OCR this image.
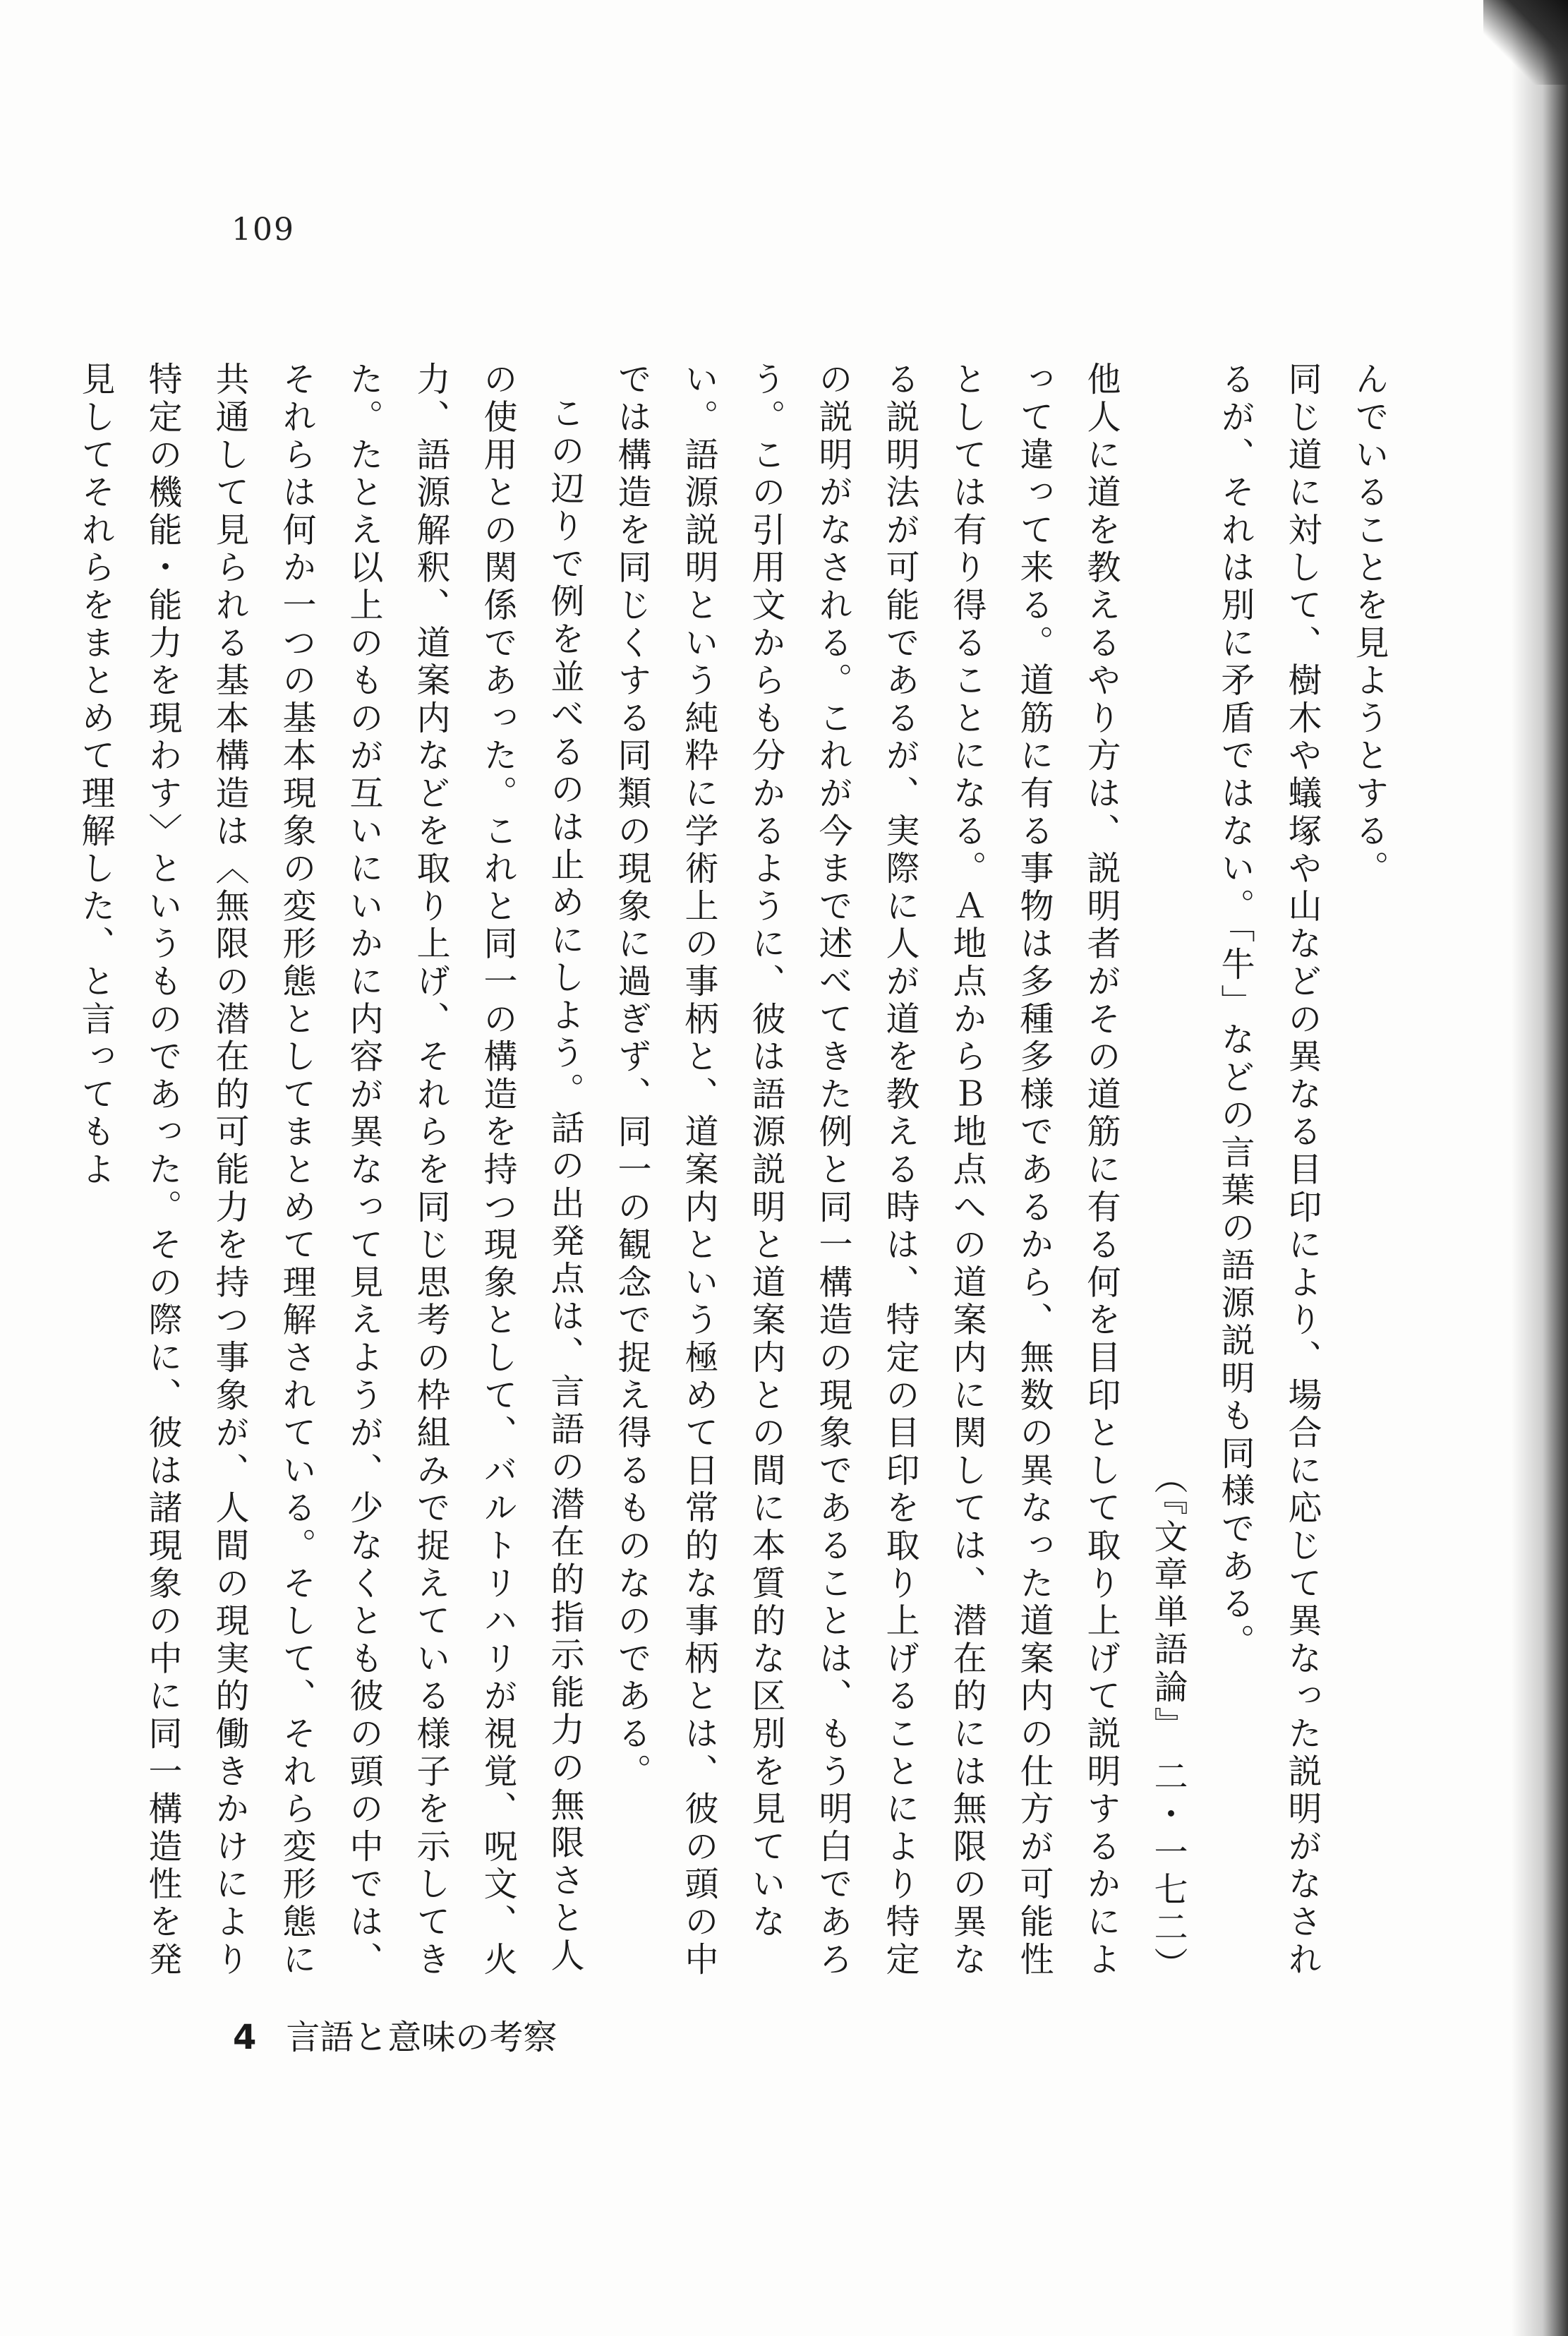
109

んでいることを見ようとする。

同じ道に対して、樹木や蟻塚や山などの異なる目印により、場合に応じて異なった説明がなされるが、それは別に矛盾ではない。「牛」などの言葉の語源説明も同様である。

（『文章単語論』 二・一七二）

他人に道を教えるやり方は、説明者がその道筋に有る何を目印として取り上げて説明するかによって違って来る。道筋に有る事物は多種多様であるから、無数の異なった道案内の仕方が可能性としては有り得ることになる。Ａ地点からＢ地点への道案内に関しては、潜在的には無限の異なる説明法が可能であるが、実際に人が道を教える時は、特定の目印を取り上げることにより特定の説明がなされる。これが今まで述べてきた例と同一構造の現象であることは、もう明白であろう。この引用文からも分かるように、彼は語源説明と道案内との間に本質的な区別を見ていない。語源説明という純粋に学術上の事柄と、道案内という極めて日常的な事柄とは、彼の頭の中では構造を同じくする同類の現象に過ぎず、同一の観念で捉え得るものなのである。

この辺りで例を並べるのは止めにしよう。話の出発点は、言語の潜在的指示能力の無限さと人の使用との関係であった。これと同一の構造を持つ現象として、バルトリハリが視覚、呪文、火力、語源解釈、道案内などを取り上げ、それらを同じ思考の枠組みで捉えている様子を示してきた。たとえ以上のものが互いにいかに内容が異なって見えようが、少なくとも彼の頭の中では、それらは何か一つの基本現象の変形態としてまとめて理解されている。そして、それら変形態に共通して見られる基本構造は〈無限の潜在的可能力を持つ事象が、人間の現実的働きかけにより特定の機能・能力を現わす〉というものであった。その際に、彼は諸現象の中に同一構造性を発見してそれらをまとめて理解した、と言ってもよ

4 言語と意味の考察
